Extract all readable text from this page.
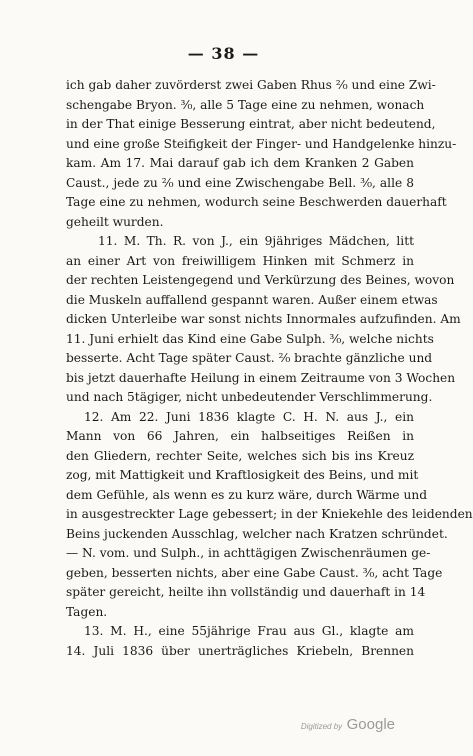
— 38 —
ich gab daher zuvörderst zwei Gaben Rhus ²⁄₀ und eine Zwi-
schengabe Bryon. ³⁄₀, alle 5 Tage eine zu nehmen, wonach
in der That einige Besserung eintrat, aber nicht bedeutend,
und eine große Steifigkeit der Finger- und Handgelenke hinzu-
kam. Am 17. Mai darauf gab ich dem Kranken 2 Gaben
Caust., jede zu ²⁄₀ und eine Zwischengabe Bell. ³⁄₀, alle 8
Tage eine zu nehmen, wodurch seine Beschwerden dauerhaft
geheilt wurden.
11. M. Th. R. von J., ein 9jähriges Mädchen, litt
an einer Art von freiwilligem Hinken mit Schmerz in
der rechten Leistengegend und Verkürzung des Beines, wovon
die Muskeln auffallend gespannt waren. Außer einem etwas
dicken Unterleibe war sonst nichts Innormales aufzufinden. Am
11. Juni erhielt das Kind eine Gabe Sulph. ³⁄₀, welche nichts
besserte. Acht Tage später Caust. ²⁄₀ brachte gänzliche und
bis jetzt dauerhafte Heilung in einem Zeitraume von 3 Wochen
und nach 5tägiger, nicht unbedeutender Verschlimmerung.
12. Am 22. Juni 1836 klagte C. H. N. aus J., ein
Mann von 66 Jahren, ein halbseitiges Reißen in
den Gliedern, rechter Seite, welches sich bis ins Kreuz
zog, mit Mattigkeit und Kraftlosigkeit des Beins, und mit
dem Gefühle, als wenn es zu kurz wäre, durch Wärme und
in ausgestreckter Lage gebessert; in der Kniekehle des leidenden
Beins juckenden Ausschlag, welcher nach Kratzen schründet.
— N. vom. und Sulph., in achttägigen Zwischenräumen ge-
geben, besserten nichts, aber eine Gabe Caust. ³⁄₀, acht Tage
später gereicht, heilte ihn vollständig und dauerhaft in 14
Tagen.
13. M. H., eine 55jährige Frau aus Gl., klagte am
14. Juli 1836 über unerträgliches Kriebeln, Brennen
Digitized by Google
